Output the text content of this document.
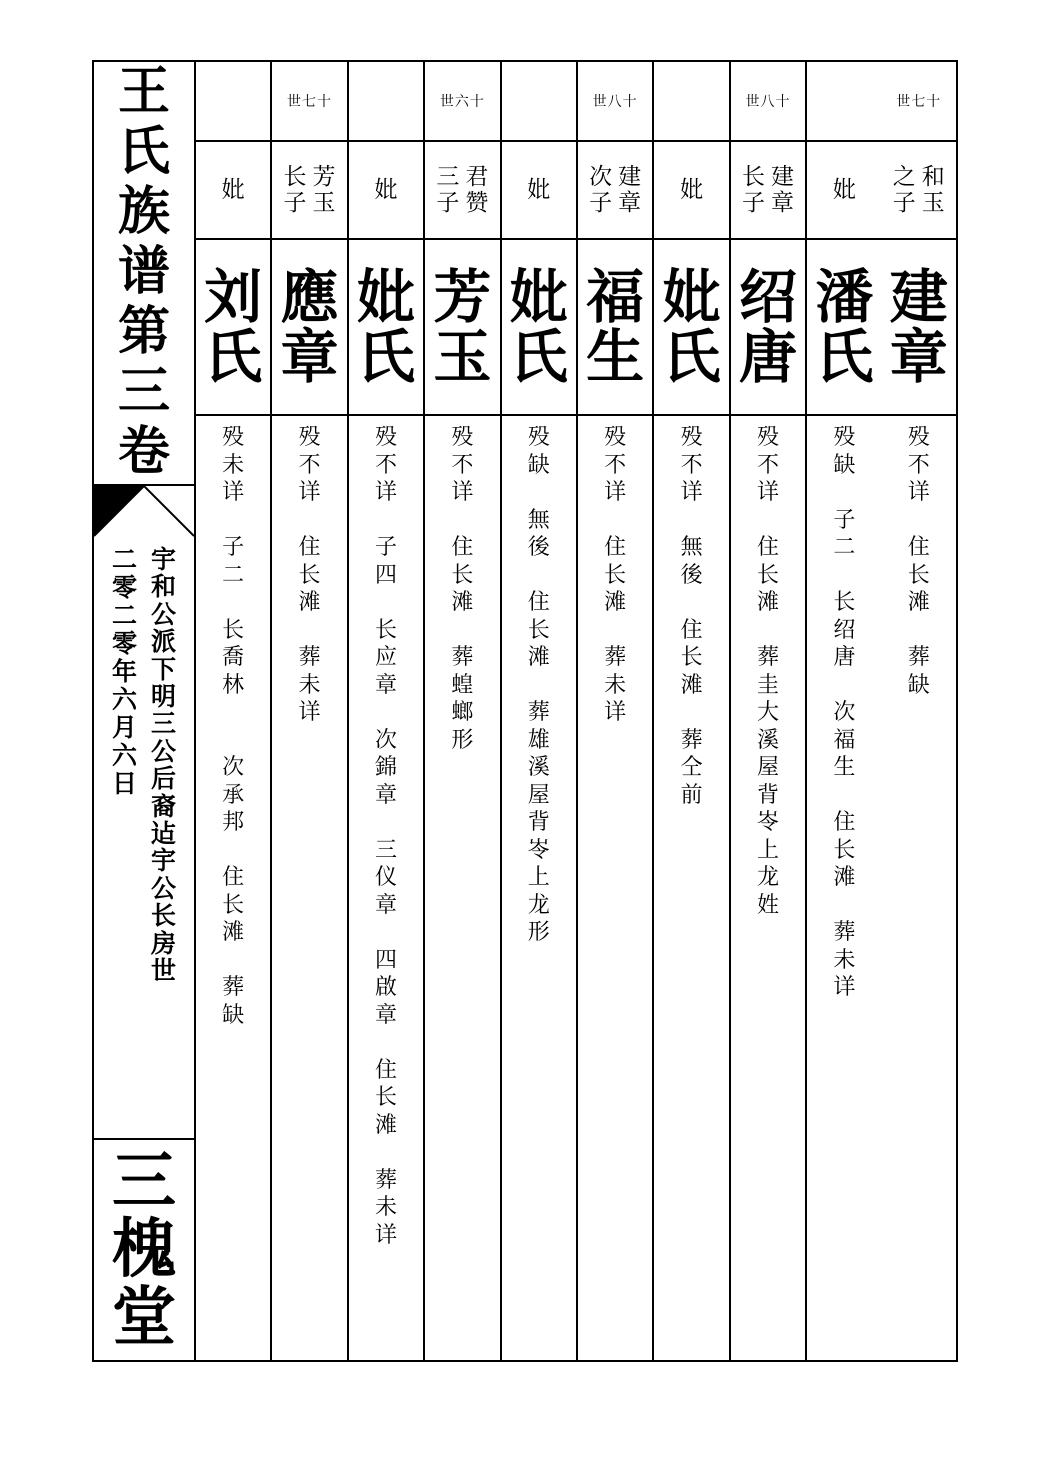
王
氏
族
谱
第
三
卷
宇
和
公
派
下
明
三
公
后
裔
迠
宇
公
长
房
世
二
零
二
零
年
六
月
六
日
三
槐
堂
世七十
和
玉
之
子
建
章
殁
不
详

住
长
滩

葬
缺
妣
潘
氏
殁
缺

子
二

长
绍
唐

次
福
生

住
长
滩

葬
未
详
世八十
建
章
长
子
绍
唐
殁
不
详

住
长
滩

葬
圭
大
溪
屋
背
岺
上
龙
姓
妣
妣
氏
殁
不
详

無
後

住
长
滩

葬
仝
前
世八十
建
章
次
子
福
生
殁
不
详

住
长
滩

葬
未
详
妣
妣
氏
殁
缺

無
後

住
长
滩

葬
雄
溪
屋
背
岺
上
龙
形
世六十
君
赞
三
子
芳
玉
殁
不
详

住
长
滩

葬
蝗
螂
形
妣
妣
氏
殁
不
详

子
四

长
应
章

次
錦
章

三
仪
章

四
啟
章

住
长
滩

葬
未
详
世七十
芳
玉
长
子
應
章
殁
不
详

住
长
滩

葬
未
详
妣
刘
氏
殁
未
详

子
二

长
喬
林

次
承
邦

住
长
滩

葬
缺
